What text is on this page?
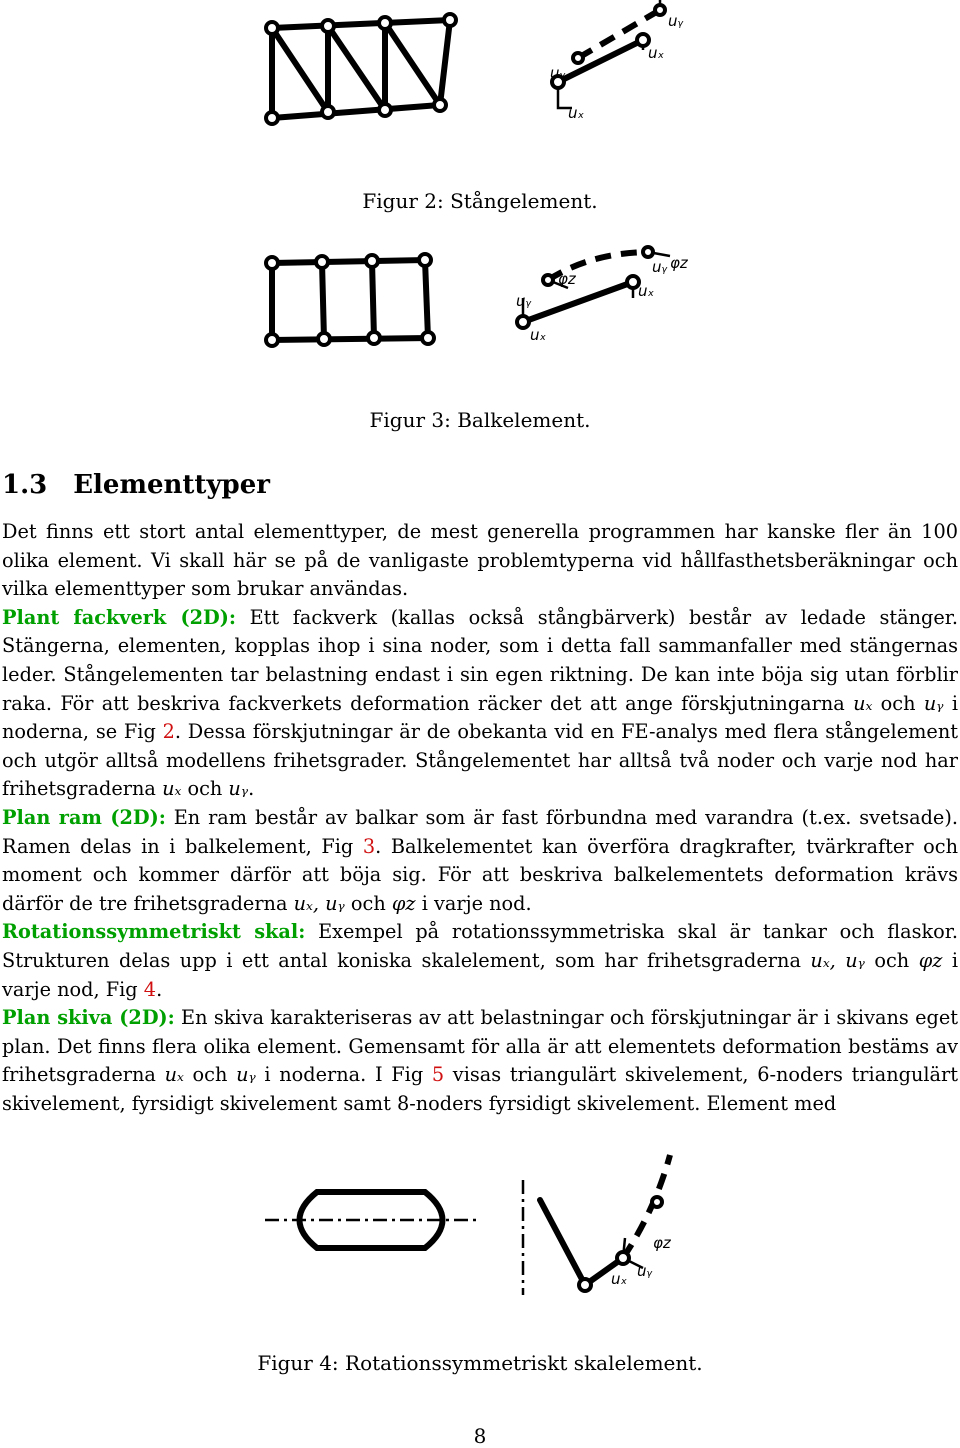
uᵧ
uₓ
uᵧ
uₓ
Figur 2: Stångelement.
φz
uᵧ
uₓ
φz
uᵧ
uₓ
Figur 3: Balkelement.
1.3 Elementtyper

Det finns ett stort antal elementtyper, de mest generella programmen har kanske fler än 100 olika element. Vi skall här se på de vanligaste problemtyperna vid hållfasthetsberäkningar och vilka elementtyper som brukar användas.

Plant fackverk (2D): Ett fackverk (kallas också stångbärverk) består av ledade stänger. Stängerna, elementen, kopplas ihop i sina noder, som i detta fall sammanfaller med stängernas leder. Stångelementen tar belastning endast i sin egen riktning. De kan inte böja sig utan förblir raka. För att beskriva fackverkets deformation räcker det att ange förskjutningarna uₓ och uᵧ i noderna, se Fig 2. Dessa förskjutningar är de obekanta vid en FE-analys med flera stångelement och utgör alltså modellens frihetsgrader. Stångelementet har alltså två noder och varje nod har frihetsgraderna uₓ och uᵧ.

Plan ram (2D): En ram består av balkar som är fast förbundna med varandra (t.ex. svetsade). Ramen delas in i balkelement, Fig 3. Balkelementet kan överföra dragkrafter, tvärkrafter och moment och kommer därför att böja sig. För att beskriva balkelementets deformation krävs därför de tre frihetsgraderna uₓ, uᵧ och φz i varje nod.

Rotationssymmetriskt skal: Exempel på rotationssymmetriska skal är tankar och flaskor. Strukturen delas upp i ett antal koniska skalelement, som har frihetsgraderna uₓ, uᵧ och φz i varje nod, Fig 4.

Plan skiva (2D): En skiva karakteriseras av att belastningar och förskjutningar är i skivans eget plan. Det finns flera olika element. Gemensamt för alla är att elementets deformation bestäms av frihetsgraderna uₓ och uᵧ i noderna. I Fig 5 visas triangulärt skivelement, 6-noders triangulärt skivelement, fyrsidigt skivelement samt 8-noders fyrsidigt skivelement. Element med

φz
uₓ uᵧ
Figur 4: Rotationssymmetriskt skalelement.
8
